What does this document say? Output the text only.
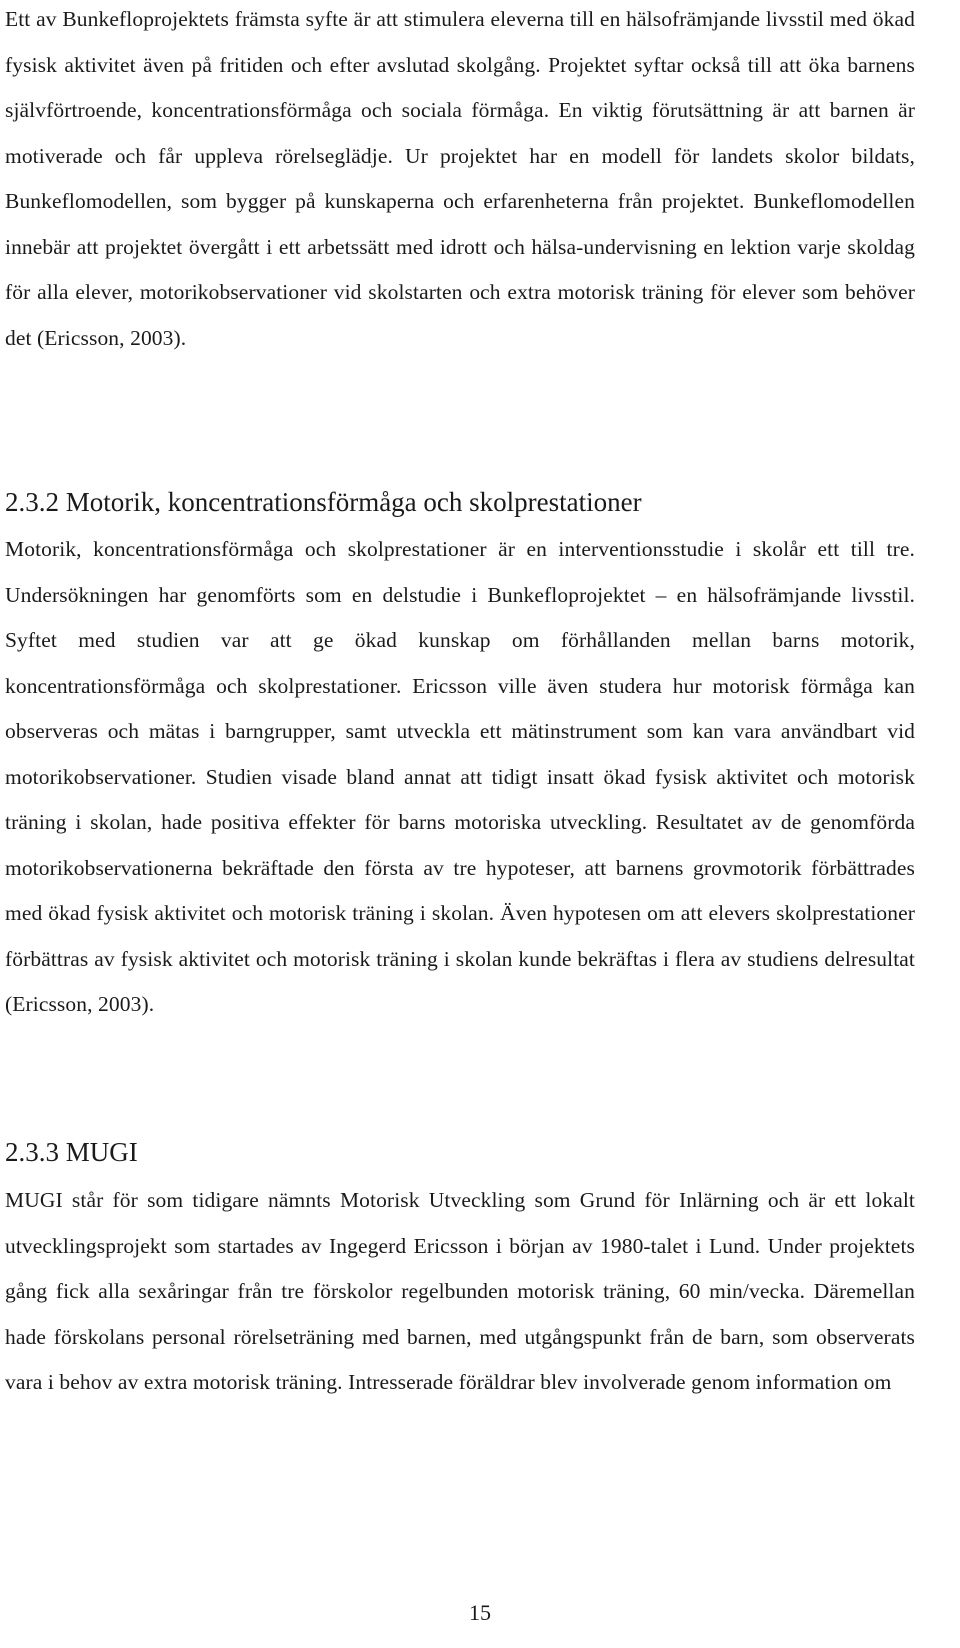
Ett av Bunkefloprojektets främsta syfte är att stimulera eleverna till en hälsofrämjande livsstil med ökad fysisk aktivitet även på fritiden och efter avslutad skolgång. Projektet syftar också till att öka barnens självförtroende, koncentrationsförmåga och sociala förmåga. En viktig förutsättning är att barnen är motiverade och får uppleva rörelseglädje. Ur projektet har en modell för landets skolor bildats, Bunkeflomodellen, som bygger på kunskaperna och erfarenheterna från projektet. Bunkeflomodellen innebär att projektet övergått i ett arbetssätt med idrott och hälsa-undervisning en lektion varje skoldag för alla elever, motorikobservationer vid skolstarten och extra motorisk träning för elever som behöver det (Ericsson, 2003).

2.3.2 Motorik, koncentrationsförmåga och skolprestationer

Motorik, koncentrationsförmåga och skolprestationer är en interventionsstudie i skolår ett till tre. Undersökningen har genomförts som en delstudie i Bunkefloprojektet – en hälsofrämjande livsstil. Syftet med studien var att ge ökad kunskap om förhållanden mellan barns motorik, koncentrationsförmåga och skolprestationer. Ericsson ville även studera hur motorisk förmåga kan observeras och mätas i barngrupper, samt utveckla ett mätinstrument som kan vara användbart vid motorikobservationer. Studien visade bland annat att tidigt insatt ökad fysisk aktivitet och motorisk träning i skolan, hade positiva effekter för barns motoriska utveckling. Resultatet av de genomförda motorikobservationerna bekräftade den första av tre hypoteser, att barnens grovmotorik förbättrades med ökad fysisk aktivitet och motorisk träning i skolan. Även hypotesen om att elevers skolprestationer förbättras av fysisk aktivitet och motorisk träning i skolan kunde bekräftas i flera av studiens delresultat (Ericsson, 2003).

2.3.3 MUGI

MUGI står för som tidigare nämnts Motorisk Utveckling som Grund för Inlärning och är ett lokalt utvecklingsprojekt som startades av Ingegerd Ericsson i början av 1980-talet i Lund. Under projektets gång fick alla sexåringar från tre förskolor regelbunden motorisk träning, 60 min/vecka. Däremellan hade förskolans personal rörelseträning med barnen, med utgångspunkt från de barn, som observerats vara i behov av extra motorisk träning. Intresserade föräldrar blev involverade genom information om

15
